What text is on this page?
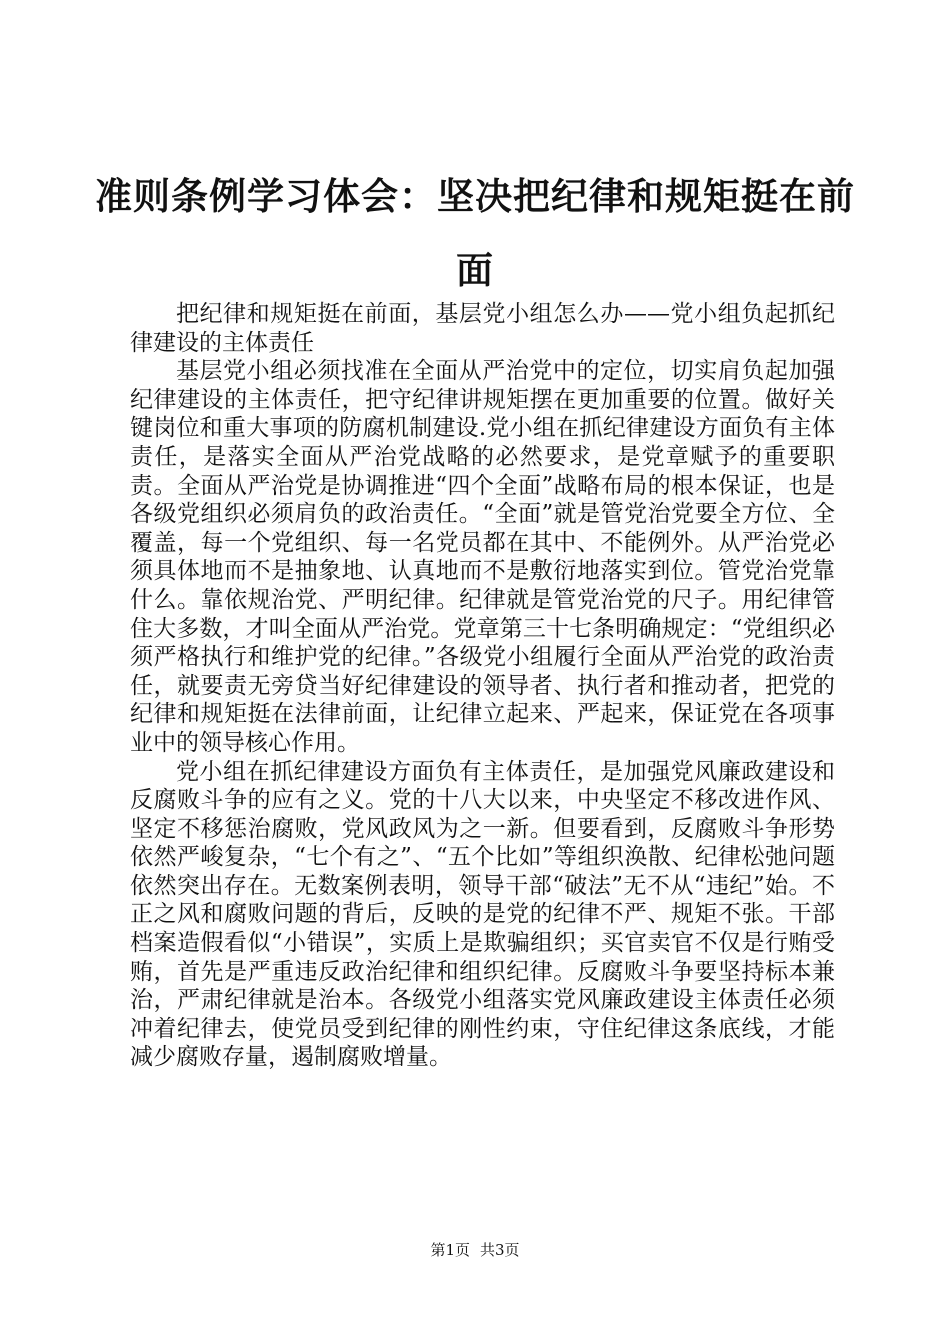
准则条例学习体会：坚决把纪律和规矩挺在前面

把纪律和规矩挺在前面，基层党小组怎么办——党小组负起抓纪律建设的主体责任

基层党小组必须找准在全面从严治党中的定位，切实肩负起加强纪律建设的主体责任，把守纪律讲规矩摆在更加重要的位置。做好关键岗位和重大事项的防腐机制建设.党小组在抓纪律建设方面负有主体责任，是落实全面从严治党战略的必然要求，是党章赋予的重要职责。全面从严治党是协调推进“四个全面”战略布局的根本保证，也是各级党组织必须肩负的政治责任。“全面”就是管党治党要全方位、全覆盖，每一个党组织、每一名党员都在其中、不能例外。从严治党必须具体地而不是抽象地、认真地而不是敷衍地落实到位。管党治党靠什么。靠依规治党、严明纪律。纪律就是管党治党的尺子。用纪律管住大多数，才叫全面从严治党。党章第三十七条明确规定：“党组织必须严格执行和维护党的纪律。”各级党小组履行全面从严治党的政治责任，就要责无旁贷当好纪律建设的领导者、执行者和推动者，把党的纪律和规矩挺在法律前面，让纪律立起来、严起来，保证党在各项事业中的领导核心作用。

党小组在抓纪律建设方面负有主体责任，是加强党风廉政建设和反腐败斗争的应有之义。党的十八大以来，中央坚定不移改进作风、坚定不移惩治腐败，党风政风为之一新。但要看到，反腐败斗争形势依然严峻复杂，“七个有之”、“五个比如”等组织涣散、纪律松弛问题依然突出存在。无数案例表明，领导干部“破法”无不从“违纪”始。不正之风和腐败问题的背后，反映的是党的纪律不严、规矩不张。干部档案造假看似“小错误”，实质上是欺骗组织；买官卖官不仅是行贿受贿，首先是严重违反政治纪律和组织纪律。反腐败斗争要坚持标本兼治，严肃纪律就是治本。各级党小组落实党风廉政建设主体责任必须冲着纪律去，使党员受到纪律的刚性约束，守住纪律这条底线，才能减少腐败存量，遏制腐败增量。

第1页 共3页
